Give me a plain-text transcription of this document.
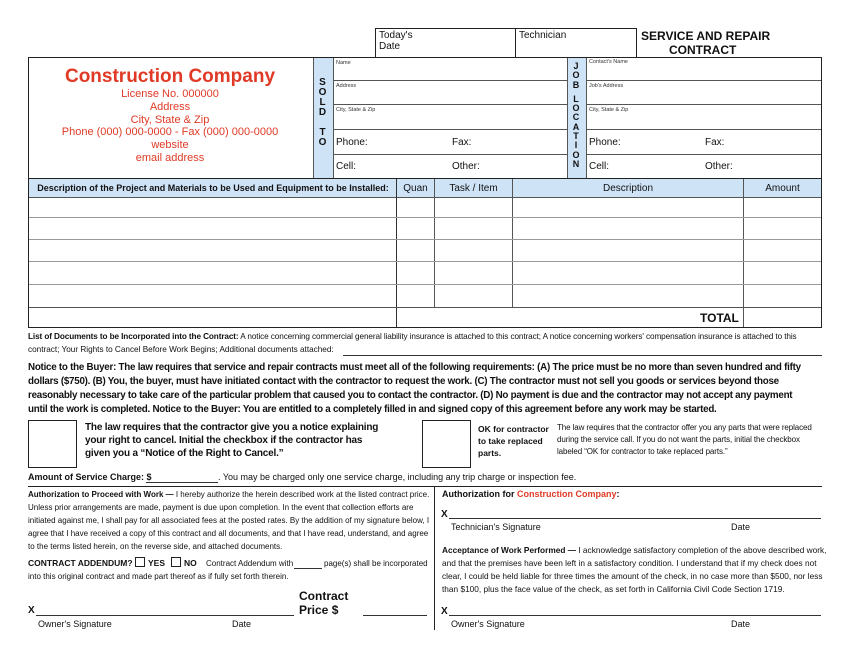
Today's
Date
Technician	SERVICE AND REPAIR
CONTRACT
Construction Company
License No. 000000
Address
City, State & Zip
Phone (000) 000-0000 - Fax (000) 000-0000
website
email address
S
O
L
D
T
O
Name
Address
City, State & Zip
Phone:	Fax:
Cell:	Other:
J
O
B
L
O
C
A
T
I
O
N
Contact's Name
Job's Address
City, State & Zip
Phone:	Fax:
Cell:	Other:
Description of the Project and Materials to be Used and Equipment to be Installed:	Quan	Task / Item	Description	Amount
TOTAL
List of Documents to be Incorporated into the Contract: A notice concerning commercial general liability insurance is attached to this contract; A notice concerning workers' compensation insurance is attached to this
contract; Your Rights to Cancel Before Work Begins; Additional documents attached:
Notice to the Buyer: The law requires that service and repair contracts must meet all of the following requirements: (A) The price must be no more than seven hundred and fifty
dollars ($750). (B) You, the buyer, must have initiated contact with the contractor to request the work. (C) The contractor must not sell you goods or services beyond those
reasonably necessary to take care of the particular problem that caused you to contact the contractor. (D) No payment is due and the contractor may not accept any payment
until the work is completed. Notice to the Buyer: You are entitled to a completely filled in and signed copy of this agreement before any work may be started.
The law requires that the contractor give you a notice explaining
your right to cancel. Initial the checkbox if the contractor has
given you a “Notice of the Right to Cancel.”
OK for contractor
to take replaced
parts.
The law requires that the contractor offer you any parts that were replaced
during the service call. If you do not want the parts, initial the checkbox
labeled “OK for contractor to take replaced parts.”
Amount of Service Charge: $	. You may be charged only one service charge, including any trip charge or inspection fee.
Authorization to Proceed with Work — I hereby authorize the herein described work at the listed contract price.
Unless prior arrangements are made, payment is due upon completion. In the event that collection efforts are
initiated against me, I shall pay for all associated fees at the posted rates. By the addition of my signature below, I
agree that I have received a copy of this contract and all documents, and that I have read, understand, and agree
to the terms listed herein, on the reverse side, and attached documents.
CONTRACT ADDENDUM? YES NO Contract Addendum with	page(s) shall be incorporated
into this original contract and made part thereof as if fully set forth therein.
Contract
Price $
X
Owner's Signature	Date
Authorization for Construction Company:
X
Technician's Signature	Date
Acceptance of Work Performed — I acknowledge satisfactory completion of the above described work,
and that the premises have been left in a satisfactory condition. I understand that if my check does not
clear, I could be held liable for three times the amount of the check, in no case more than $500, nor less
than $100, plus the face value of the check, as set forth in California Civil Code Section 1719.
X
Owner's Signature	Date
